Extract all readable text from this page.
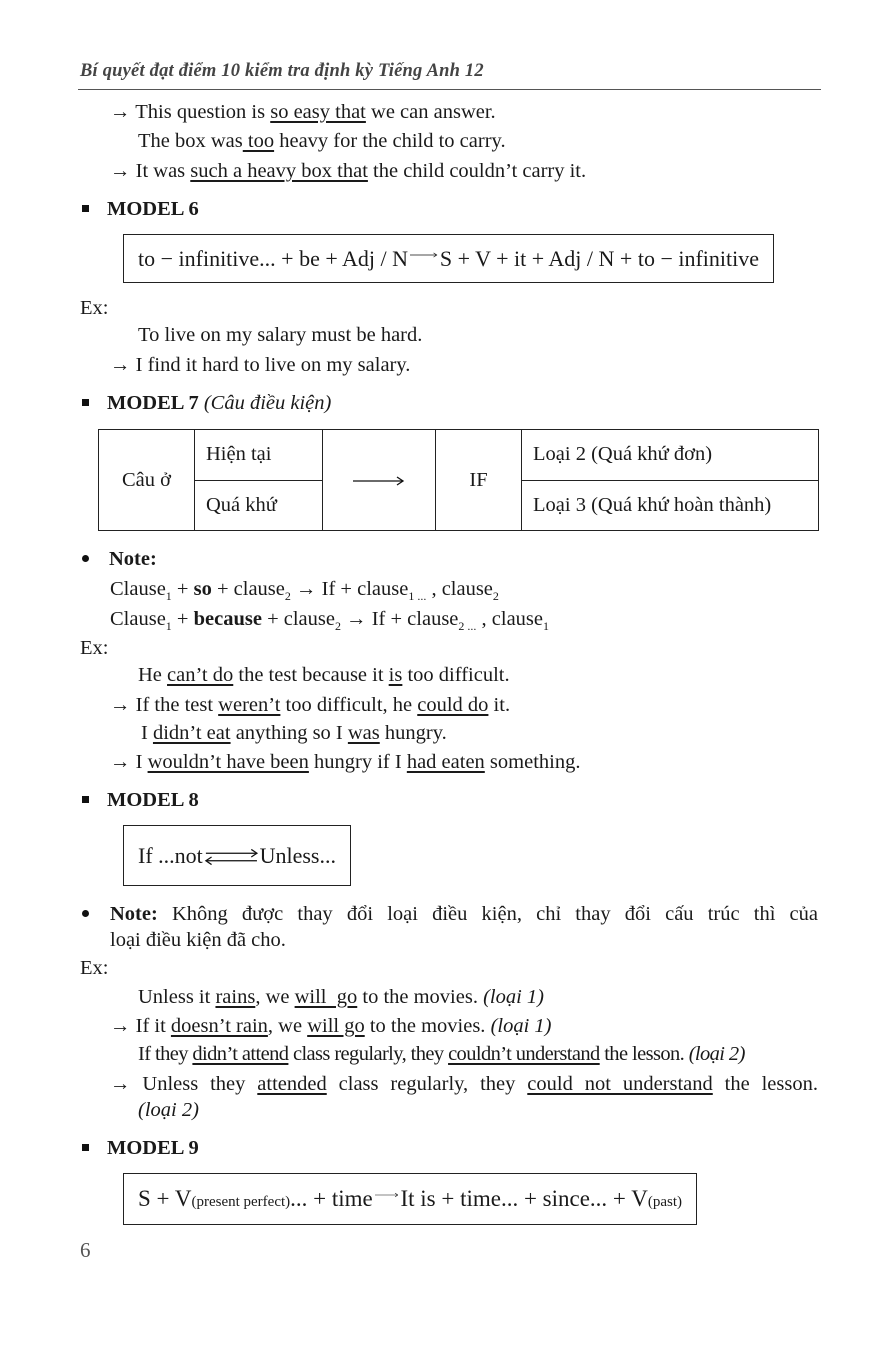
Bí quyết đạt điểm 10 kiểm tra định kỳ Tiếng Anh 12
→ This question is so easy that we can answer.
The box was too heavy for the child to carry.
→ It was such a heavy box that the child couldn’t carry it.
MODEL 6
to − infinitive... + be + Adj / N S + V + it + Adj / N + to − infinitive
Ex:
To live on my salary must be hard.
→ I find it hard to live on my salary.
MODEL 7 (Câu điều kiện)
Câu ở	Hiện tại		IF	Loại 2 (Quá khứ đơn)
	Quá khứ			Loại 3 (Quá khứ hoàn thành)
Note:
Clause$_1$ + so + clause$_2$ → If + clause$_{1 ...}$ , clause$_2$
Clause$_1$ + because + clause$_2$ → If + clause$_{2 ...}$ , clause$_1$
Ex:
He can’t do the test because it is too difficult.
→ If the test weren’t too difficult, he could do it.
I didn’t eat anything so I was hungry.
→ I wouldn’t have been hungry if I had eaten something.
MODEL 8
If ...not	Unless...
Note: Không được thay đổi loại điều kiện, chỉ thay đổi cấu trúc thì của
loại điều kiện đã cho.
Ex:
Unless it rains, we will  go to the movies. (loại 1)
→ If it doesn’t rain, we will go to the movies. (loại 1)
If they didn’t attend class regularly, they couldn’t understand the lesson. (loại 2)
→ Unless they attended class regularly, they could not understand the lesson.
(loại 2)
MODEL 9
$S + V_{(present perfect)}$ ... + time It is + time... + since... + $V_{(past)}$
6
